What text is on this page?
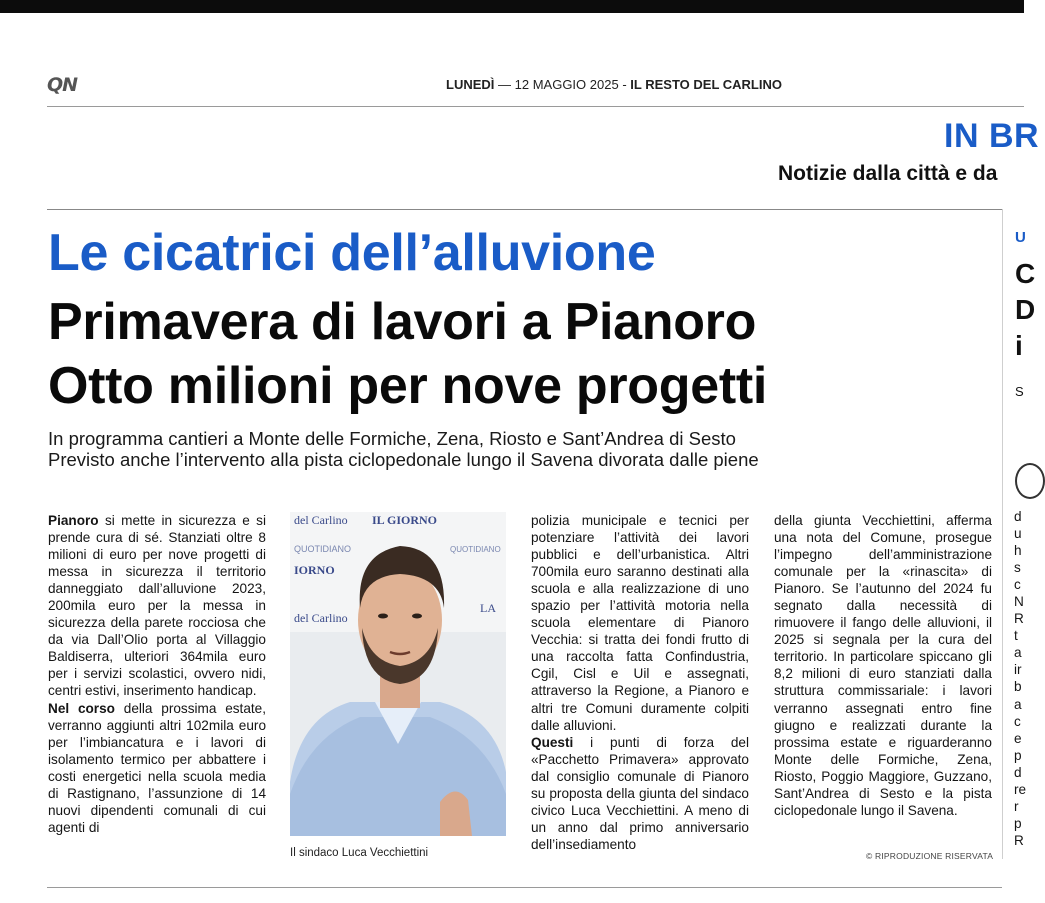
QN	LUNEDÌ — 12 MAGGIO 2025 - IL RESTO DEL CARLINO
IN BR
Notizie dalla città e da
Le cicatrici dell’alluvione
Primavera di lavori a Pianoro
Otto milioni per nove progetti
In programma cantieri a Monte delle Formiche, Zena, Riosto e Sant’Andrea di Sesto
Previsto anche l’intervento alla pista ciclopedonale lungo il Savena divorata dalle piene

Pianoro si mette in sicurezza e si prende cura di sé. Stanziati oltre 8 milioni di euro per nove progetti di messa in sicurezza il territorio danneggiato dall’alluvione 2023, 200mila euro per la messa in sicurezza della parete rocciosa che da via Dall’Olio porta al Villaggio Baldiserra, ulteriori 364mila euro per i servizi scolastici, ovvero nidi, centri estivi, inserimento handicap.

Nel corso della prossima estate, verranno aggiunti altri 102mila euro per l’imbiancatura e i lavori di isolamento termico per abbattere i costi energetici nella scuola media di Rastignano, l’assunzione di 14 nuovi dipendenti comunali di cui agenti di

del Carlino IL GIORNO
QUOTIDIANO
IORNO
del Carlino
QUOTIDIANO
LA
Il sindaco Luca Vecchiettini

polizia municipale e tecnici per potenziare l’attività dei lavori pubblici e dell’urbanistica. Altri 700mila euro saranno destinati alla scuola e alla realizzazione di uno spazio per l’attività motoria nella scuola elementare di Pianoro Vecchia: si tratta dei fondi frutto di una raccolta fatta Confindustria, Cgil, Cisl e Uil e assegnati, attraverso la Regione, a Pianoro e altri tre Comuni duramente colpiti dalle alluvioni.

Questi i punti di forza del «Pacchetto Primavera» approvato dal consiglio comunale di Pianoro su proposta della giunta del sindaco civico Luca Vecchiettini. A meno di un anno dal primo anniversario dell’insediamento

della giunta Vecchiettini, afferma una nota del Comune, prosegue l’impegno dell’amministrazione comunale per la «rinascita» di Pianoro. Se l’autunno del 2024 fu segnato dalla necessità di rimuovere il fango delle alluvioni, il 2025 si segnala per la cura del territorio. In particolare spiccano gli 8,2 milioni di euro stanziati dalla struttura commissariale: i lavori verranno assegnati entro fine giugno e realizzati durante la prossima estate e riguarderanno Monte delle Formiche, Zena, Riosto, Poggio Maggiore, Guzzano, Sant’Andrea di Sesto e la pista ciclopedonale lungo il Savena.

© RIPRODUZIONE RISERVATA
U
C
D
i
S
d
u
h
s
c
N
R
t
a
ir
b
a
c
e
p
d
re
r
p
R
